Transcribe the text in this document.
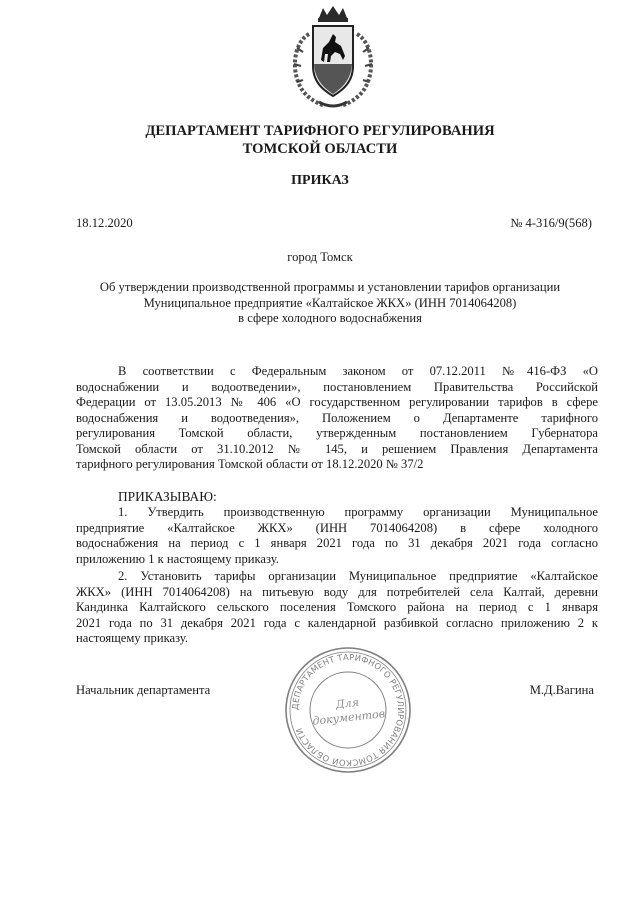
ДЕПАРТАМЕНТ ТАРИФНОГО РЕГУЛИРОВАНИЯ
ТОМСКОЙ ОБЛАСТИ
ПРИКАЗ
18.12.2020	№ 4-316/9(568)
город Томск
Об утверждении производственной программы и установлении тарифов организации
Муниципальное предприятие «Калтайское ЖКХ» (ИНН 7014064208)
в сфере холодного водоснабжения
В соответствии с Федеральным законом от 07.12.2011 №416-ФЗ «О
водоснабжении и водоотведении», постановлением Правительства Российской
Федерации от 13.05.2013 № 406 «О государственном регулировании тарифов в сфере
водоснабжения и водоотведения», Положением о Департаменте тарифного
регулирования Томской области, утвержденным постановлением Губернатора
Томской области от 31.10.2012 № 145, и решением Правления Департамента
тарифного регулирования Томской области от 18.12.2020 № 37/2
ПРИКАЗЫВАЮ:
1. Утвердить производственную программу организации Муниципальное
предприятие «Калтайское ЖКХ» (ИНН 7014064208) в сфере холодного
водоснабжения на период с 1 января 2021 года по 31 декабря 2021 года согласно
приложению 1 к настоящему приказу.
2. Установить тарифы организации Муниципальное предприятие «Калтайское
ЖКХ» (ИНН 7014064208) на питьевую воду для потребителей села Калтай, деревни
Кандинка Калтайского сельского поселения Томского района на период с 1 января
2021 года по 31 декабря 2021 года с календарной разбивкой согласно приложению 2 к
настоящему приказу.
ДЕПАРТАМЕНТ ТАРИФНОГО РЕГУЛИРОВАНИЯ ТОМСКОЙ ОБЛАСТИ
Для
документов
Начальник департамента	М.Д.Вагина
